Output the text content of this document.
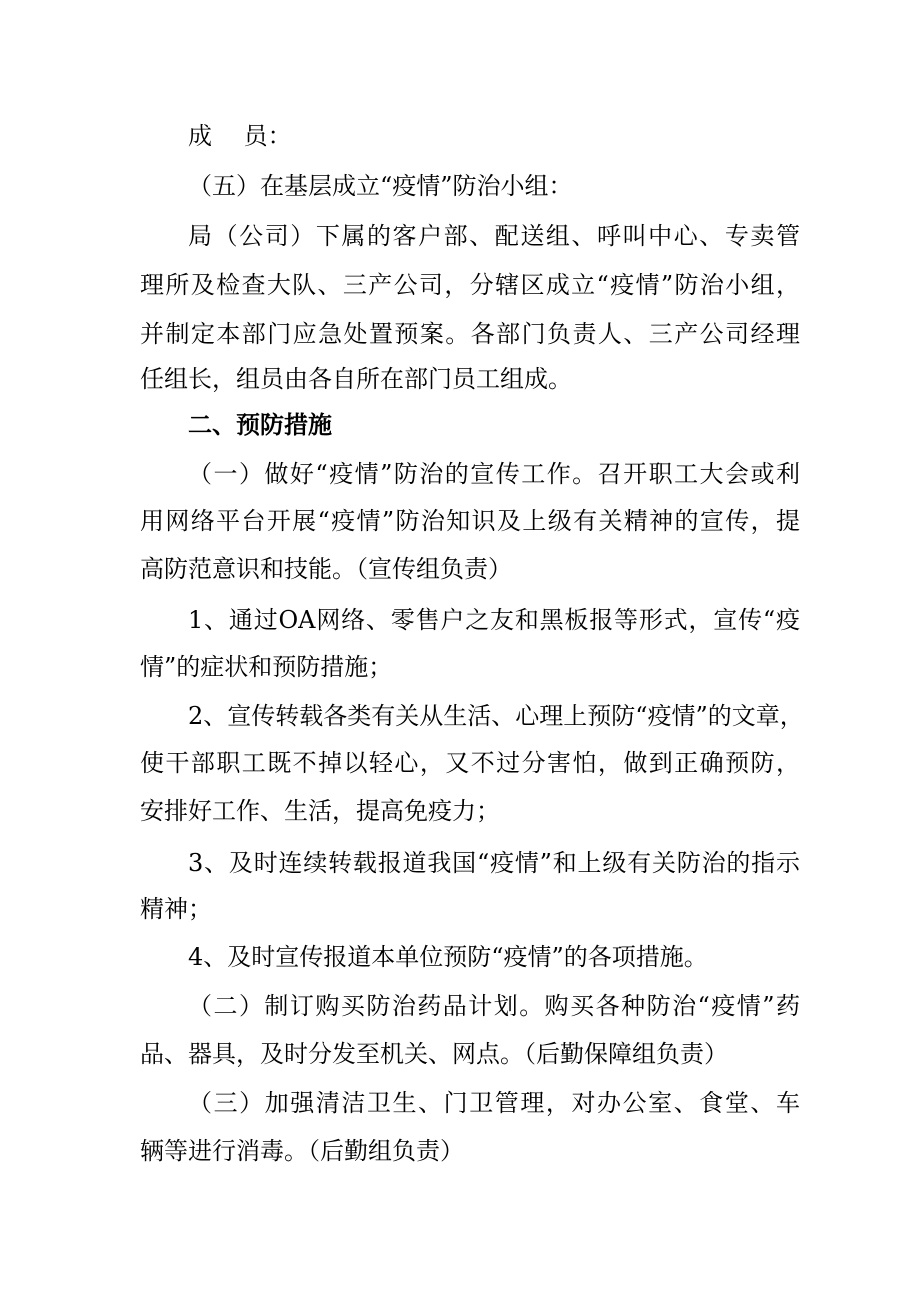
成　 员：
（五）在基层成立“疫情”防治小组：
局（公司）下属的客户部、配送组、呼叫中心、专卖管
理所及检查大队、三产公司，分辖区成立“疫情”防治小组，
并制定本部门应急处置预案。各部门负责人、三产公司经理
任组长，组员由各自所在部门员工组成。
二、预防措施
（一）做好“疫情”防治的宣传工作。召开职工大会或利
用网络平台开展“疫情”防治知识及上级有关精神的宣传，提
高防范意识和技能。（宣传组负责）
1、通过OA网络、零售户之友和黑板报等形式，宣传“疫
情”的症状和预防措施；
2、宣传转载各类有关从生活、心理上预防“疫情”的文章，
使干部职工既不掉以轻心，又不过分害怕，做到正确预防，
安排好工作、生活，提高免疫力；
3、及时连续转载报道我国“疫情”和上级有关防治的指示
精神；
4、及时宣传报道本单位预防“疫情”的各项措施。
（二）制订购买防治药品计划。购买各种防治“疫情”药
品、器具，及时分发至机关、网点。（后勤保障组负责）
（三）加强清洁卫生、门卫管理，对办公室、食堂、车
辆等进行消毒。（后勤组负责）
